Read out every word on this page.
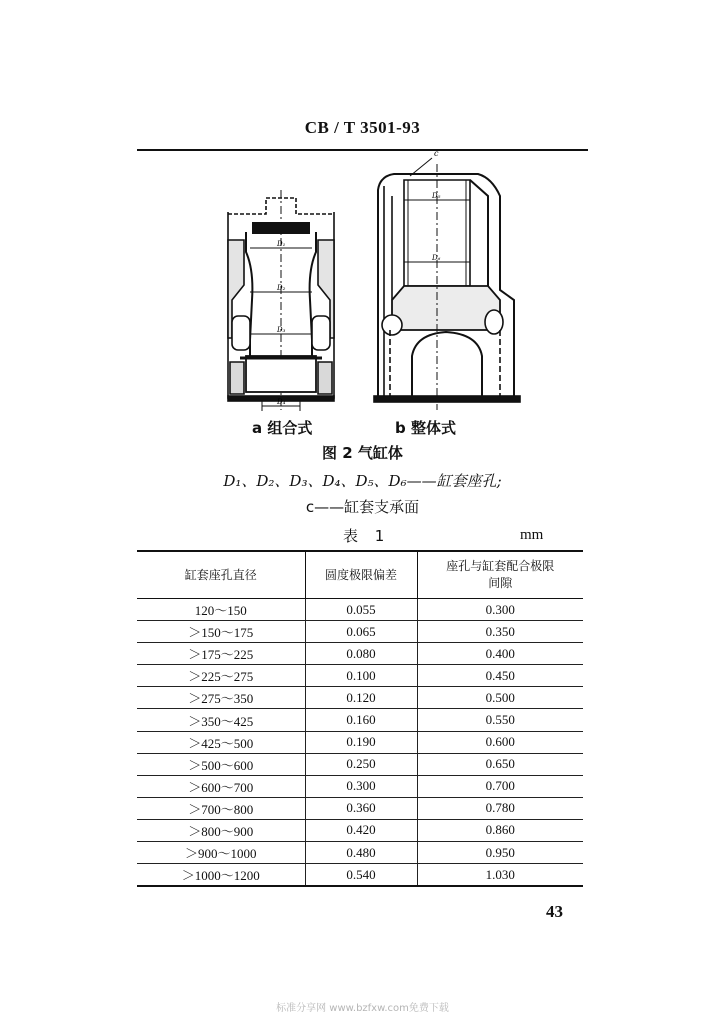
CB / T 3501-93
D₁
D₂
D₃
D₄
c
D₅
D₆
a 组合式	b 整体式
图 2 气缸体
D₁、D₂、D₃、D₄、D₅、D₆——缸套座孔;
c——缸套支承面
表 1	mm
缸套座孔直径	圆度极限偏差	座孔与缸套配合极限间隙
120～150	0.055	0.300
＞150～175	0.065	0.350
＞175～225	0.080	0.400
＞225～275	0.100	0.450
＞275～350	0.120	0.500
＞350～425	0.160	0.550
＞425～500	0.190	0.600
＞500～600	0.250	0.650
＞600～700	0.300	0.700
＞700～800	0.360	0.780
＞800～900	0.420	0.860
＞900～1000	0.480	0.950
＞1000～1200	0.540	1.030
43
标准分享网 www.bzfxw.com免费下载
